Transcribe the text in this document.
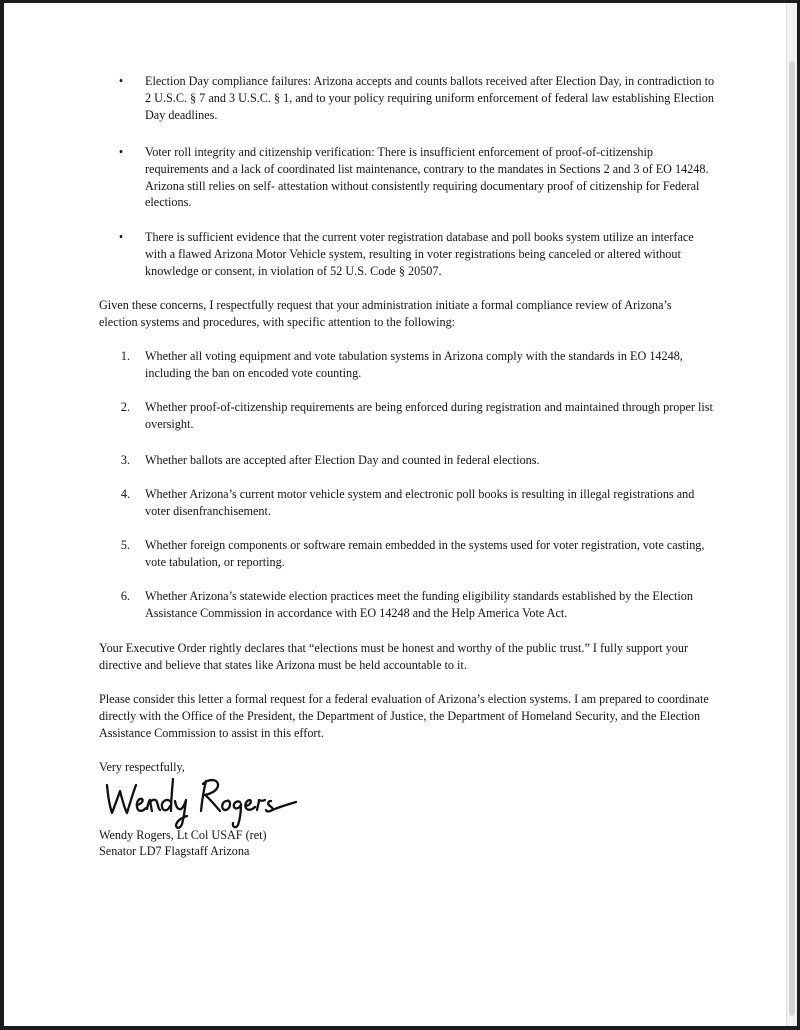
•	Election Day compliance failures: Arizona accepts and counts ballots received after Election Day, in contradiction to 2 U.S.C. § 7 and 3 U.S.C. § 1, and to your policy requiring uniform enforcement of federal law establishing Election Day deadlines.
•	Voter roll integrity and citizenship verification: There is insufficient enforcement of proof-of-citizenship requirements and a lack of coordinated list maintenance, contrary to the mandates in Sections 2 and 3 of EO 14248. Arizona still relies on self- attestation without consistently requiring documentary proof of citizenship for Federal elections.
•	There is sufficient evidence that the current voter registration database and poll books system utilize an interface with a flawed Arizona Motor Vehicle system, resulting in voter registrations being canceled or altered without knowledge or consent, in violation of 52 U.S. Code § 20507.
Given these concerns, I respectfully request that your administration initiate a formal compliance review of Arizona’s election systems and procedures, with specific attention to the following:
1. Whether all voting equipment and vote tabulation systems in Arizona comply with the standards in EO 14248, including the ban on encoded vote counting.
2. Whether proof-of-citizenship requirements are being enforced during registration and maintained through proper list oversight.
3. Whether ballots are accepted after Election Day and counted in federal elections.
4. Whether Arizona’s current motor vehicle system and electronic poll books is resulting in illegal registrations and voter disenfranchisement.
5. Whether foreign components or software remain embedded in the systems used for voter registration, vote casting, vote tabulation, or reporting.
6. Whether Arizona’s statewide election practices meet the funding eligibility standards established by the Election Assistance Commission in accordance with EO 14248 and the Help America Vote Act.
Your Executive Order rightly declares that “elections must be honest and worthy of the public trust.” I fully support your directive and believe that states like Arizona must be held accountable to it.
Please consider this letter a formal request for a federal evaluation of Arizona’s election systems. I am prepared to coordinate directly with the Office of the President, the Department of Justice, the Department of Homeland Security, and the Election Assistance Commission to assist in this effort.
Very respectfully,
Wendy Rogers, Lt Col USAF (ret)
Senator LD7 Flagstaff Arizona
